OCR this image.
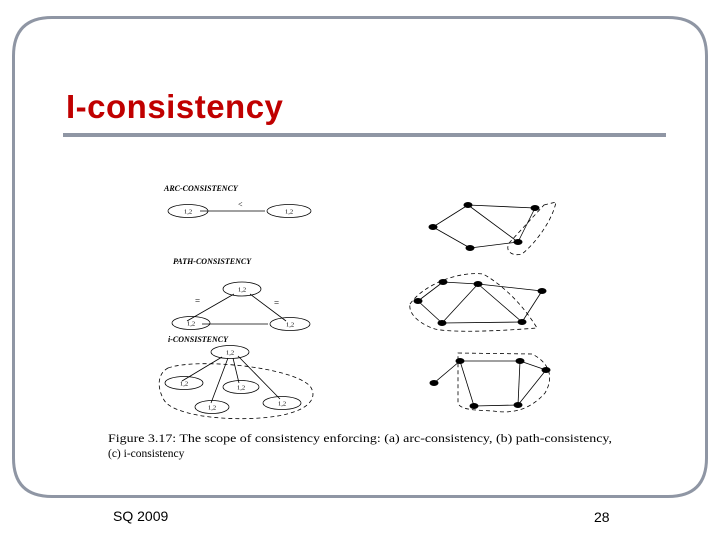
I-consistency
ARC-CONSISTENCY
PATH-CONSISTENCY
i-CONSISTENCY
<
=	=
1,2	1,2
1,2
1,2	1,2
1,2
1,2
1,2
1,2
1,2
Figure 3.17: The scope of consistency enforcing: (a) arc-consistency, (b) path-consistency,
(c) i-consistency
SQ 2009	28
